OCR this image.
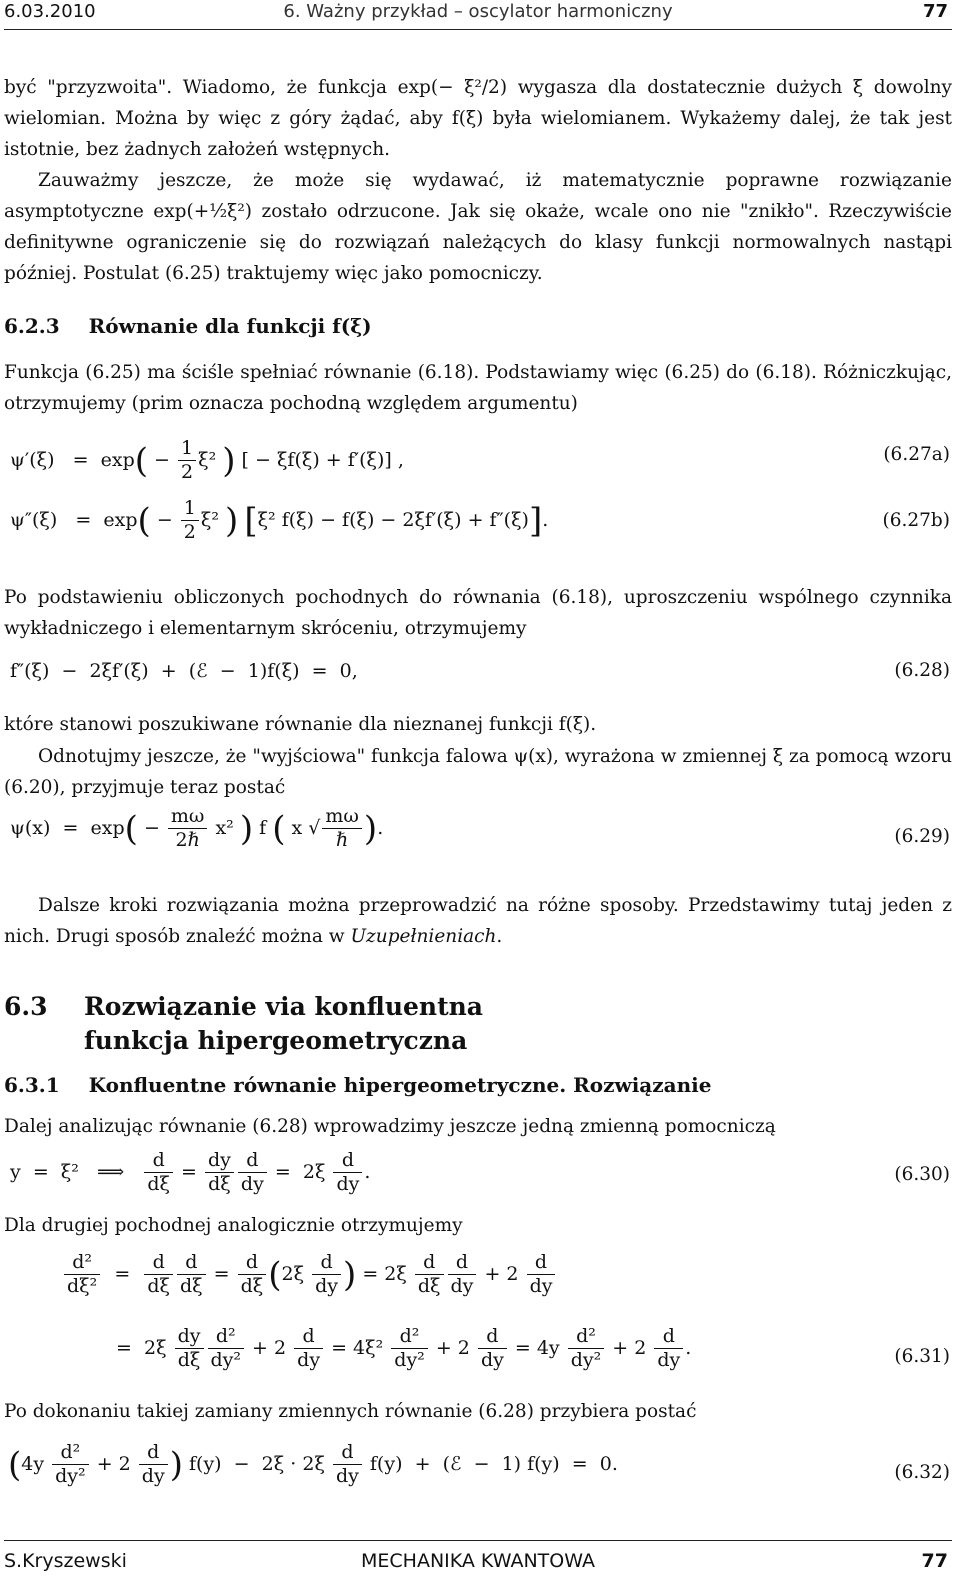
6.03.2010	6. Ważny przykład – oscylator harmoniczny	77

być "przyzwoita". Wiadomo, że funkcja exp(− ξ²/2) wygasza dla dostatecznie dużych ξ dowolny wielomian. Można by więc z góry żądać, aby f(ξ) była wielomianem. Wykażemy dalej, że tak jest istotnie, bez żadnych założeń wstępnych.

Zauważmy jeszcze, że może się wydawać, iż matematycznie poprawne rozwiązanie asymptotyczne exp(+½ξ²) zostało odrzucone. Jak się okaże, wcale ono nie "znikło". Rzeczywiście definitywne ograniczenie się do rozwiązań należących do klasy funkcji normowalnych nastąpi później. Postulat (6.25) traktujemy więc jako pomocniczy.

6.2.3 Równanie dla funkcji f(ξ)

Funkcja (6.25) ma ściśle spełniać równanie (6.18). Podstawiamy więc (6.25) do (6.18). Różniczkując, otrzymujemy (prim oznacza pochodną względem argumentu)

$\psi'(\xi) = \exp( - \frac{1}{2} \xi^2$ ) [ − ξf(ξ) + f′(ξ)] ,	(6.27a)
$\psi''(\xi) = \exp( - \frac{1}{2} \xi^2$ ) [ξ² f(ξ) − f(ξ) − 2ξf′(ξ) + f″(ξ)].	(6.27b)

Po podstawieniu obliczonych pochodnych do równania (6.18), uproszczeniu wspólnego czynnika wykładniczego i elementarnym skróceniu, otrzymujemy

f″(ξ)  −  2ξf′(ξ)  +  (ℰ  −  1)f(ξ)  =  0,	(6.28)

które stanowi poszukiwane równanie dla nieznanej funkcji f(ξ).

Odnotujmy jeszcze, że "wyjściowa" funkcja falowa ψ(x), wyrażona w zmiennej ξ za pomocą wzoru (6.20), przyjmuje teraz postać

$\psi(x) = \exp( - \frac{m\omega}{\text{2ℏ}} x^2$ ) f ( x √ $\frac{m\omega}{\text{ℏ}}$ ).	(6.29)

Dalsze kroki rozwiązania można przeprowadzić na różne sposoby. Przedstawimy tutaj jeden z nich. Drugi sposób znaleźć można w Uzupełnieniach.

6.3 Rozwiązanie via konfluentna
funkcja hipergeometryczna
6.3.1 Konfluentne równanie hipergeometryczne. Rozwiązanie

Dalej analizując równanie (6.28) wprowadzimy jeszcze jedną zmienną pomocniczą

y  =  ξ²   ⟹ $\frac{d}{d\xi} = \frac{dy}{d\xi} \frac{d}{dy} = 2\xi \frac{d}{dy}$ .	(6.30)

Dla drugiej pochodnej analogicznie otrzymujemy

$\frac{\text{d²}}{\text{dξ²}} = \frac{d}{d\xi} \frac{d}{d\xi} = \frac{d}{d\xi} (2\xi \frac{d}{dy}$ ) = $2\xi \frac{d}{d\xi} \frac{d}{dy} + 2 \frac{d}{dy}$
=  $2\xi \frac{dy}{d\xi} \frac{\text{d²}}{\text{dy²}} + 2 \frac{d}{dy} = 4\xi^2 \frac{\text{d²}}{\text{dy²}} + 2 \frac{d}{dy} = 4y \frac{\text{d²}}{\text{dy²}} + 2 \frac{d}{dy}$ .	(6.31)

Po dokonaniu takiej zamiany zmiennych równanie (6.28) przybiera postać

($4y \frac{\text{d²}}{\text{dy²}} + 2 \frac{d}{dy}$ ) $f(y) - 2\xi \cdot 2\xi \frac{d}{dy} f(y)$  +  (ℰ  −  1) f(y)  =  0.	(6.32)
S.Kryszewski	MECHANIKA KWANTOWA	77
